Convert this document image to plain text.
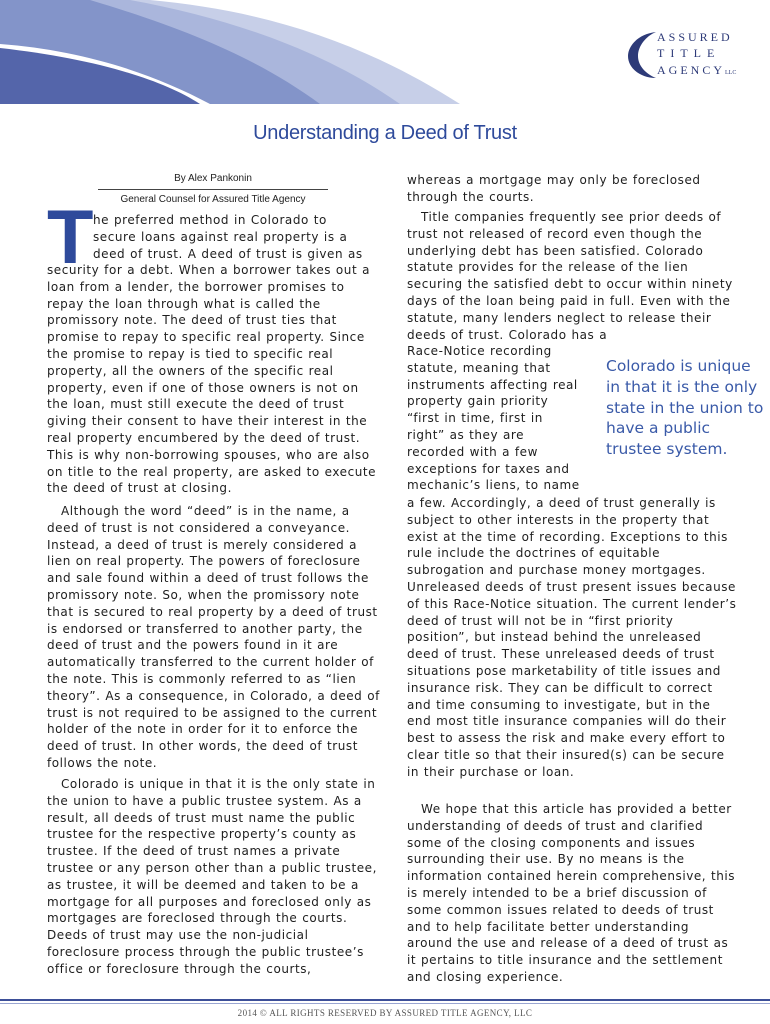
ASSURED
TITLE
AGENCYLLC
Understanding a Deed of Trust
By Alex Pankonin
General Counsel for Assured Title Agency
T he preferred method in Colorado to
secure loans against real property is a
deed of trust. A deed of trust is given as
security for a debt. When a borrower takes out a loan from a lender, the borrower promises to repay the loan through what is called the promissory note. The deed of trust ties that promise to repay to specific real property. Since the promise to repay is tied to specific real property, all the owners of the specific real property, even if one of those owners is not on the loan, must still execute the deed of trust giving their consent to have their interest in the real property encumbered by the deed of trust. This is why non-borrowing spouses, who are also on title to the real property, are asked to execute the deed of trust at closing.
Although the word “deed” is in the name, a deed of trust is not considered a conveyance. Instead, a deed of trust is merely considered a lien on real property. The powers of foreclosure and sale found within a deed of trust follows the promissory note. So, when the promissory note that is secured to real property by a deed of trust is endorsed or transferred to another party, the deed of trust and the powers found in it are automatically transferred to the current holder of the note. This is commonly referred to as “lien theory”. As a consequence, in Colorado, a deed of trust is not required to be assigned to the current holder of the note in order for it to enforce the deed of trust. In other words, the deed of trust follows the note.
Colorado is unique in that it is the only state in the union to have a public trustee system. As a result, all deeds of trust must name the public trustee for the respective property’s county as trustee. If the deed of trust names a private trustee or any person other than a public trustee, as trustee, it will be deemed and taken to be a mortgage for all purposes and foreclosed only as mortgages are foreclosed through the courts. Deeds of trust may use the non-judicial foreclosure process through the public trustee’s office or foreclosure through the courts,
whereas a mortgage may only be foreclosed through the courts.
Title companies frequently see prior deeds of trust not released of record even though the underlying debt has been satisfied. Colorado statute provides for the release of the lien securing the satisfied debt to occur within ninety days of the loan being paid in full. Even with the statute, many lenders neglect to release their deeds of trust. Colorado has a
Race-Notice recording statute, meaning that instruments affecting real property gain priority “first in time, first in right” as they are recorded with a few exceptions for taxes and mechanic’s liens, to name
Colorado is unique in that it is the only state in the union to have a public trustee system.
a few. Accordingly, a deed of trust generally is subject to other interests in the property that exist at the time of recording. Exceptions to this rule include the doctrines of equitable subrogation and purchase money mortgages. Unreleased deeds of trust present issues because of this Race-Notice situation. The current lender’s deed of trust will not be in “first priority position”, but instead behind the unreleased deed of trust. These unreleased deeds of trust situations pose marketability of title issues and insurance risk. They can be difficult to correct and time consuming to investigate, but in the end most title insurance companies will do their best to assess the risk and make every effort to clear title so that their insured(s) can be secure in their purchase or loan.
We hope that this article has provided a better understanding of deeds of trust and clarified some of the closing components and issues surrounding their use. By no means is the information contained herein comprehensive, this is merely intended to be a brief discussion of some common issues related to deeds of trust and to help facilitate better understanding around the use and release of a deed of trust as it pertains to title insurance and the settlement and closing experience.
2014 © ALL RIGHTS RESERVED BY ASSURED TITLE AGENCY, LLC
